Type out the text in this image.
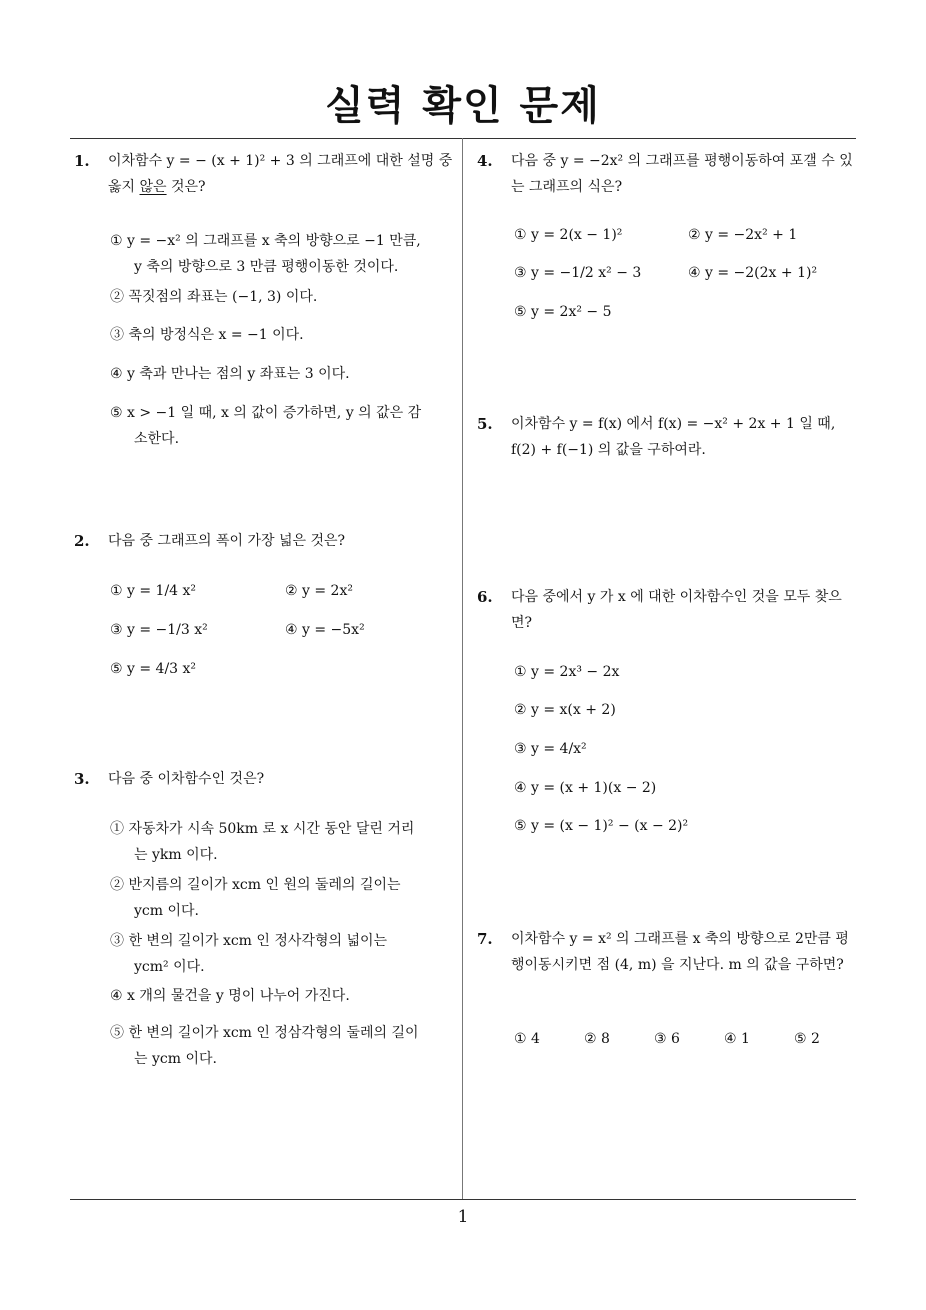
실력 확인 문제
1
1. 이차함수 y = − (x + 1)² + 3 의 그래프에 대한 설명 중 옳지 않은 것은?
① y = −x² 의 그래프를 x 축의 방향으로 −1 만큼, y 축의 방향으로 3 만큼 평행이동한 것이다.
② 꼭짓점의 좌표는 (−1, 3) 이다.
③ 축의 방정식은 x = −1 이다.
④ y 축과 만나는 점의 y 좌표는 3 이다.
⑤ x > −1 일 때, x 의 값이 증가하면, y 의 값은 감소한다.
2. 다음 중 그래프의 폭이 가장 넓은 것은?
① y = 1/4 x²	② y = 2x²
③ y = −1/3 x²	④ y = −5x²
⑤ y = 4/3 x²
3. 다음 중 이차함수인 것은?
① 자동차가 시속 50km 로 x 시간 동안 달린 거리는 ykm 이다.
② 반지름의 길이가 xcm 인 원의 둘레의 길이는 ycm 이다.
③ 한 변의 길이가 xcm 인 정사각형의 넓이는 ycm² 이다.
④ x 개의 물건을 y 명이 나누어 가진다.
⑤ 한 변의 길이가 xcm 인 정삼각형의 둘레의 길이는 ycm 이다.
4. 다음 중 y = −2x² 의 그래프를 평행이동하여 포갤 수 있는 그래프의 식은?
① y = 2(x − 1)²	② y = −2x² + 1
③ y = −1/2 x² − 3	④ y = −2(2x + 1)²
⑤ y = 2x² − 5
5. 이차함수 y = f(x) 에서 f(x) = −x² + 2x + 1 일 때, f(2) + f(−1) 의 값을 구하여라.
6. 다음 중에서 y 가 x 에 대한 이차함수인 것을 모두 찾으면?
① y = 2x³ − 2x
② y = x(x + 2)
③ y = 4/x²
④ y = (x + 1)(x − 2)
⑤ y = (x − 1)² − (x − 2)²
7. 이차함수 y = x² 의 그래프를 x 축의 방향으로 2만큼 평행이동시키면 점 (4, m) 을 지난다. m 의 값을 구하면?
① 4	② 8	③ 6	④ 1	⑤ 2
